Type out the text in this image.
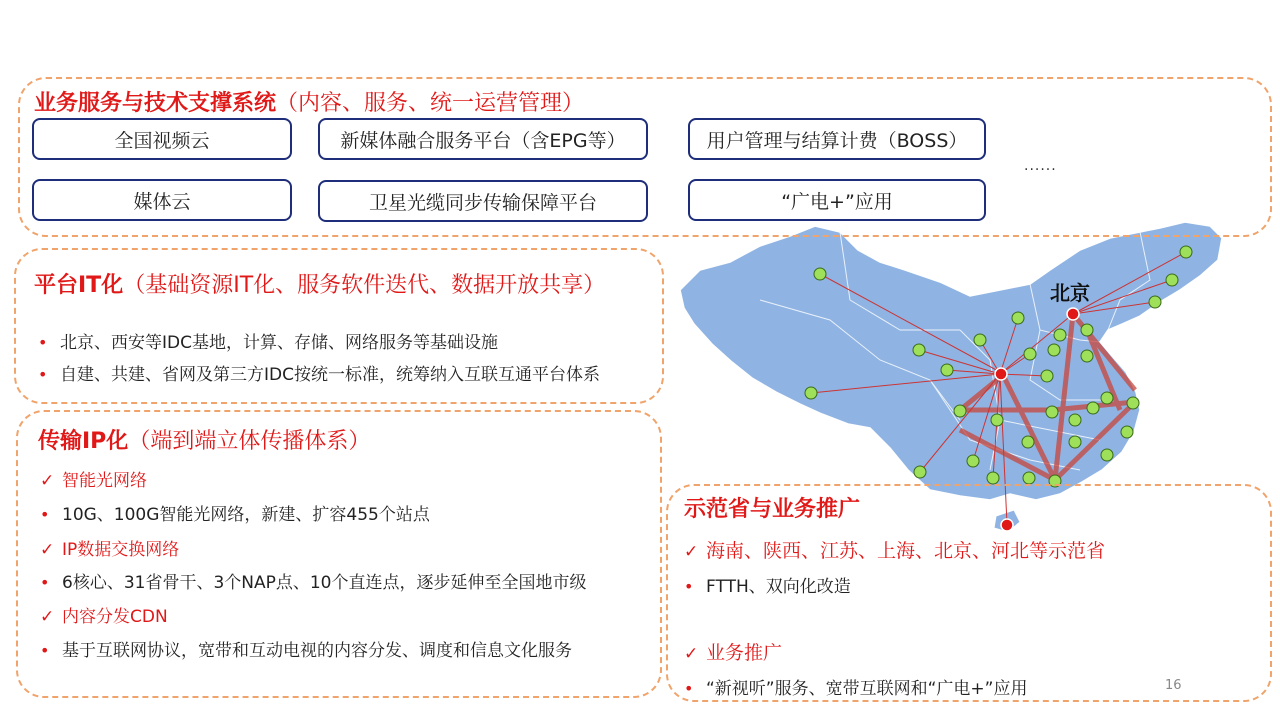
北京
业务服务与技术支撑系统（内容、服务、统一运营管理）
全国视频云	新媒体融合服务平台（含EPG等）	用户管理与结算计费（BOSS）
媒体云	卫星光缆同步传输保障平台	“广电+”应用
......
平台IT化（基础资源IT化、服务软件迭代、数据开放共享）
• 北京、西安等IDC基地，计算、存储、网络服务等基础设施
• 自建、共建、省网及第三方IDC按统一标准，统筹纳入互联互通平台体系
传输IP化（端到端立体传播体系）
✓ 智能光网络
• 10G、100G智能光网络，新建、扩容455个站点
✓ IP数据交换网络
• 6核心、31省骨干、3个NAP点、10个直连点，逐步延伸至全国地市级
✓ 内容分发CDN
• 基于互联网协议，宽带和互动电视的内容分发、调度和信息文化服务
示范省与业务推广
✓ 海南、陕西、江苏、上海、北京、河北等示范省
• FTTH、双向化改造
✓ 业务推广
• “新视听”服务、宽带互联网和“广电+”应用	16
